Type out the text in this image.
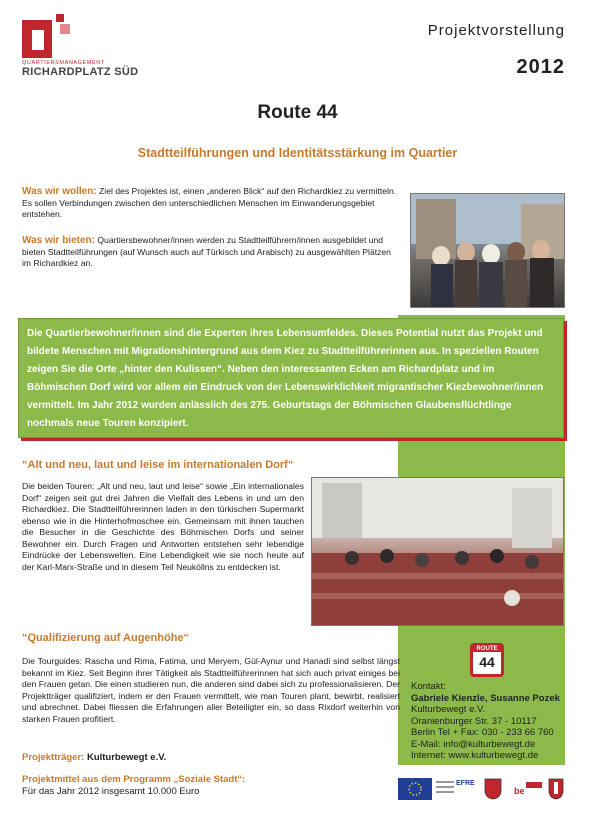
QUARTIERSMANAGEMENT
RICHARDPLATZ SÜD
Projektvorstellung
2012
Route 44
Stadtteilführungen und Identitätsstärkung im Quartier
Was wir wollen: Ziel des Projektes ist, einen „anderen Blick“ auf den Richardkiez zu vermitteln. Es sollen Verbindungen zwischen den unterschiedlichen Menschen im Einwanderungsgebiet entstehen.
Was wir bieten: Quartiersbewohner/innen werden zu Stadtteilführern/innen ausgebildet und bieten Stadtteilführungen (auf Wunsch auch auf Türkisch und Arabisch) zu ausgewählten Plätzen im Richardkiez an.
Die Quartierbewohner/innen sind die Experten ihres Lebensumfeldes. Dieses Potential nutzt das Projekt und bildete Menschen mit Migrationshintergrund aus dem Kiez zu Stadtteilführerinnen aus. In speziellen Routen zeigen Sie die Orte „hinter den Kulissen“. Neben den interessanten Ecken am Richardplatz und im Böhmischen Dorf wird vor allem ein Eindruck von der Lebenswirklichkeit migrantischer Kiezbewohner/innen vermittelt. Im Jahr 2012 wurden anlässlich des 275. Geburtstags der Böhmischen Glaubensflüchtlinge nochmals neue Touren konzipiert.
“Alt und neu, laut und leise im internationalen Dorf“
Die beiden Touren: „Alt und neu, laut und leise“ sowie „Ein internationales Dorf“ zeigen seit gut drei Jahren die Vielfalt des Lebens in und um den Richardkiez. Die Stadtteilführerinnen laden in den türkischen Supermarkt ebenso wie in die Hinterhofmoschee ein. Gemeinsam mit ihnen tauchen die Besucher in die Geschichte des Böhmischen Dorfs und seiner Bewohner ein. Durch Fragen und Antworten entstehen sehr lebendige Eindrücke der Lebenswelten. Eine Lebendigkeit wie sie noch heute auf der Karl-Marx-Straße und in diesem Teil Neuköllns zu entdecken ist.
“Qualifizierung auf Augenhöhe“
Die Tourguides: Rascha und Rima, Fatima, und Meryem, Gül-Aynur und Hanadi sind selbst längst bekannt im Kiez. Seit Beginn ihrer Tätigkeit als Stadtteilführerinnen hat sich auch privat einiges bei den Frauen getan. Die einen studieren nun, die anderen sind dabei sich zu professionalisieren. Der Projektträger qualifiziert, indem er den Frauen vermittelt, wie man Touren plant, bewirbt, realisiert und abrechnet. Dabei fliessen die Erfahrungen aller Beteiligter ein, so dass Rixdorf weiterhin von starken Frauen profitiert.
Projektträger: Kulturbewegt e.V.
Projektmittel aus dem Programm „Soziale Stadt“:
Für das Jahr 2012 insgesamt 10.000 Euro
ROUTE
44
Kontakt:
Gabriele Kienzle, Susanne Pozek
Kulturbewegt e.V.
Oranienburger Str. 37 - 10117
Berlin Tel + Fax: 030 - 233 66 760
E-Mail: info@kulturbewegt.de
Internet: www.kulturbewegt.de
EFRE
be
